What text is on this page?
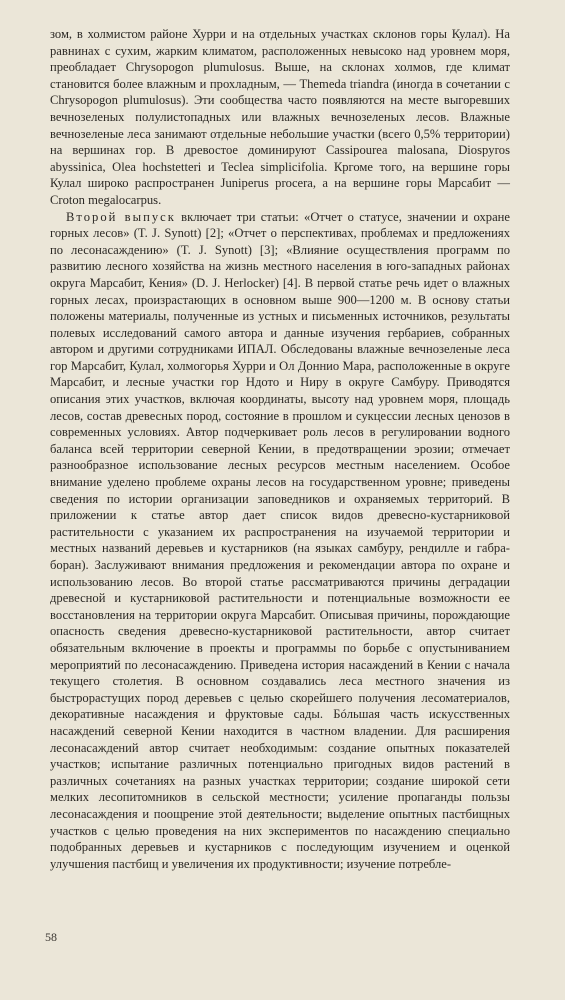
зом, в холмистом районе Хурри и на отдельных участках склонов горы Кулал). На равнинах с сухим, жарким климатом, расположенных невысоко над уровнем моря, преобладает Chrysopogon plumulosus. Выше, на склонах холмов, где климат становится более влажным и прохладным, — Themeda triandra (иногда в сочетании с Chrysopogon plumulosus). Эти сообщества часто появляются на месте выгоревших вечнозеленых полулистопадных или влажных вечнозеленых лесов. Влажные вечнозеленые леса занимают отдельные небольшие участки (всего 0,5% территории) на вершинах гор. В древостое доминируют Cassipourea malosana, Diospyros abyssinica, Olea hochstetteri и Teclea simplicifolia. Кргоме того, на вершине горы Кулал широко распространен Juniperus procera, а на вершине горы Марсабит — Croton megalocarpus.

Второй выпуск включает три статьи: «Отчет о статусе, значении и охране горных лесов» (T. J. Synott) [2]; «Отчет о перспективах, проблемах и предложениях по лесонасаждению» (T. J. Synott) [3]; «Влияние осуществления программ по развитию лесного хозяйства на жизнь местного населения в юго-западных районах округа Марсабит, Кения» (D. J. Herlocker) [4]. В первой статье речь идет о влажных горных лесах, произрастающих в основном выше 900—1200 м. В основу статьи положены материалы, полученные из устных и письменных источников, результаты полевых исследований самого автора и данные изучения гербариев, собранных автором и другими сотрудниками ИПАЛ. Обследованы влажные вечнозеленые леса гор Марсабит, Кулал, холмогорья Хурри и Ол Доннио Мара, расположенные в округе Марсабит, и лесные участки гор Ндото и Ниру в округе Самбуру. Приводятся описания этих участков, включая координаты, высоту над уровнем моря, площадь лесов, состав древесных пород, состояние в прошлом и сукцессии лесных ценозов в современных условиях. Автор подчеркивает роль лесов в регулировании водного баланса всей территории северной Кении, в предотвращении эрозии; отмечает разнообразное использование лесных ресурсов местным населением. Особое внимание уделено проблеме охраны лесов на государственном уровне; приведены сведения по истории организации заповедников и охраняемых территорий. В приложении к статье автор дает список видов древесно-кустарниковой растительности с указанием их распространения на изучаемой территории и местных названий деревьев и кустарников (на языках самбуру, рендилле и габра-боран). Заслуживают внимания предложения и рекомендации автора по охране и использованию лесов. Во второй статье рассматриваются причины деградации древесной и кустарниковой растительности и потенциальные возможности ее восстановления на территории округа Марсабит. Описывая причины, порождающие опасность сведения древесно-кустарниковой растительности, автор считает обязательным включение в проекты и программы по борьбе с опустыниванием мероприятий по лесонасаждению. Приведена история насаждений в Кении с начала текущего столетия. В основном создавались леса местного значения из быстрорастущих пород деревьев с целью скорейшего получения лесоматериалов, декоративные насаждения и фруктовые сады. Бóльшая часть искусственных насаждений северной Кении находится в частном владении. Для расширения лесонасаждений автор считает необходимым: создание опытных показателей участков; испытание различных потенциально пригодных видов растений в различных сочетаниях на разных участках территории; создание широкой сети мелких лесопитомников в сельской местности; усиление пропаганды пользы лесонасаждения и поощрение этой деятельности; выделение опытных пастбищных участков с целью проведения на них экспериментов по насаждению специально подобранных деревьев и кустарников с последующим изучением и оценкой улучшения пастбищ и увеличения их продуктивности; изучение потребле-

58
